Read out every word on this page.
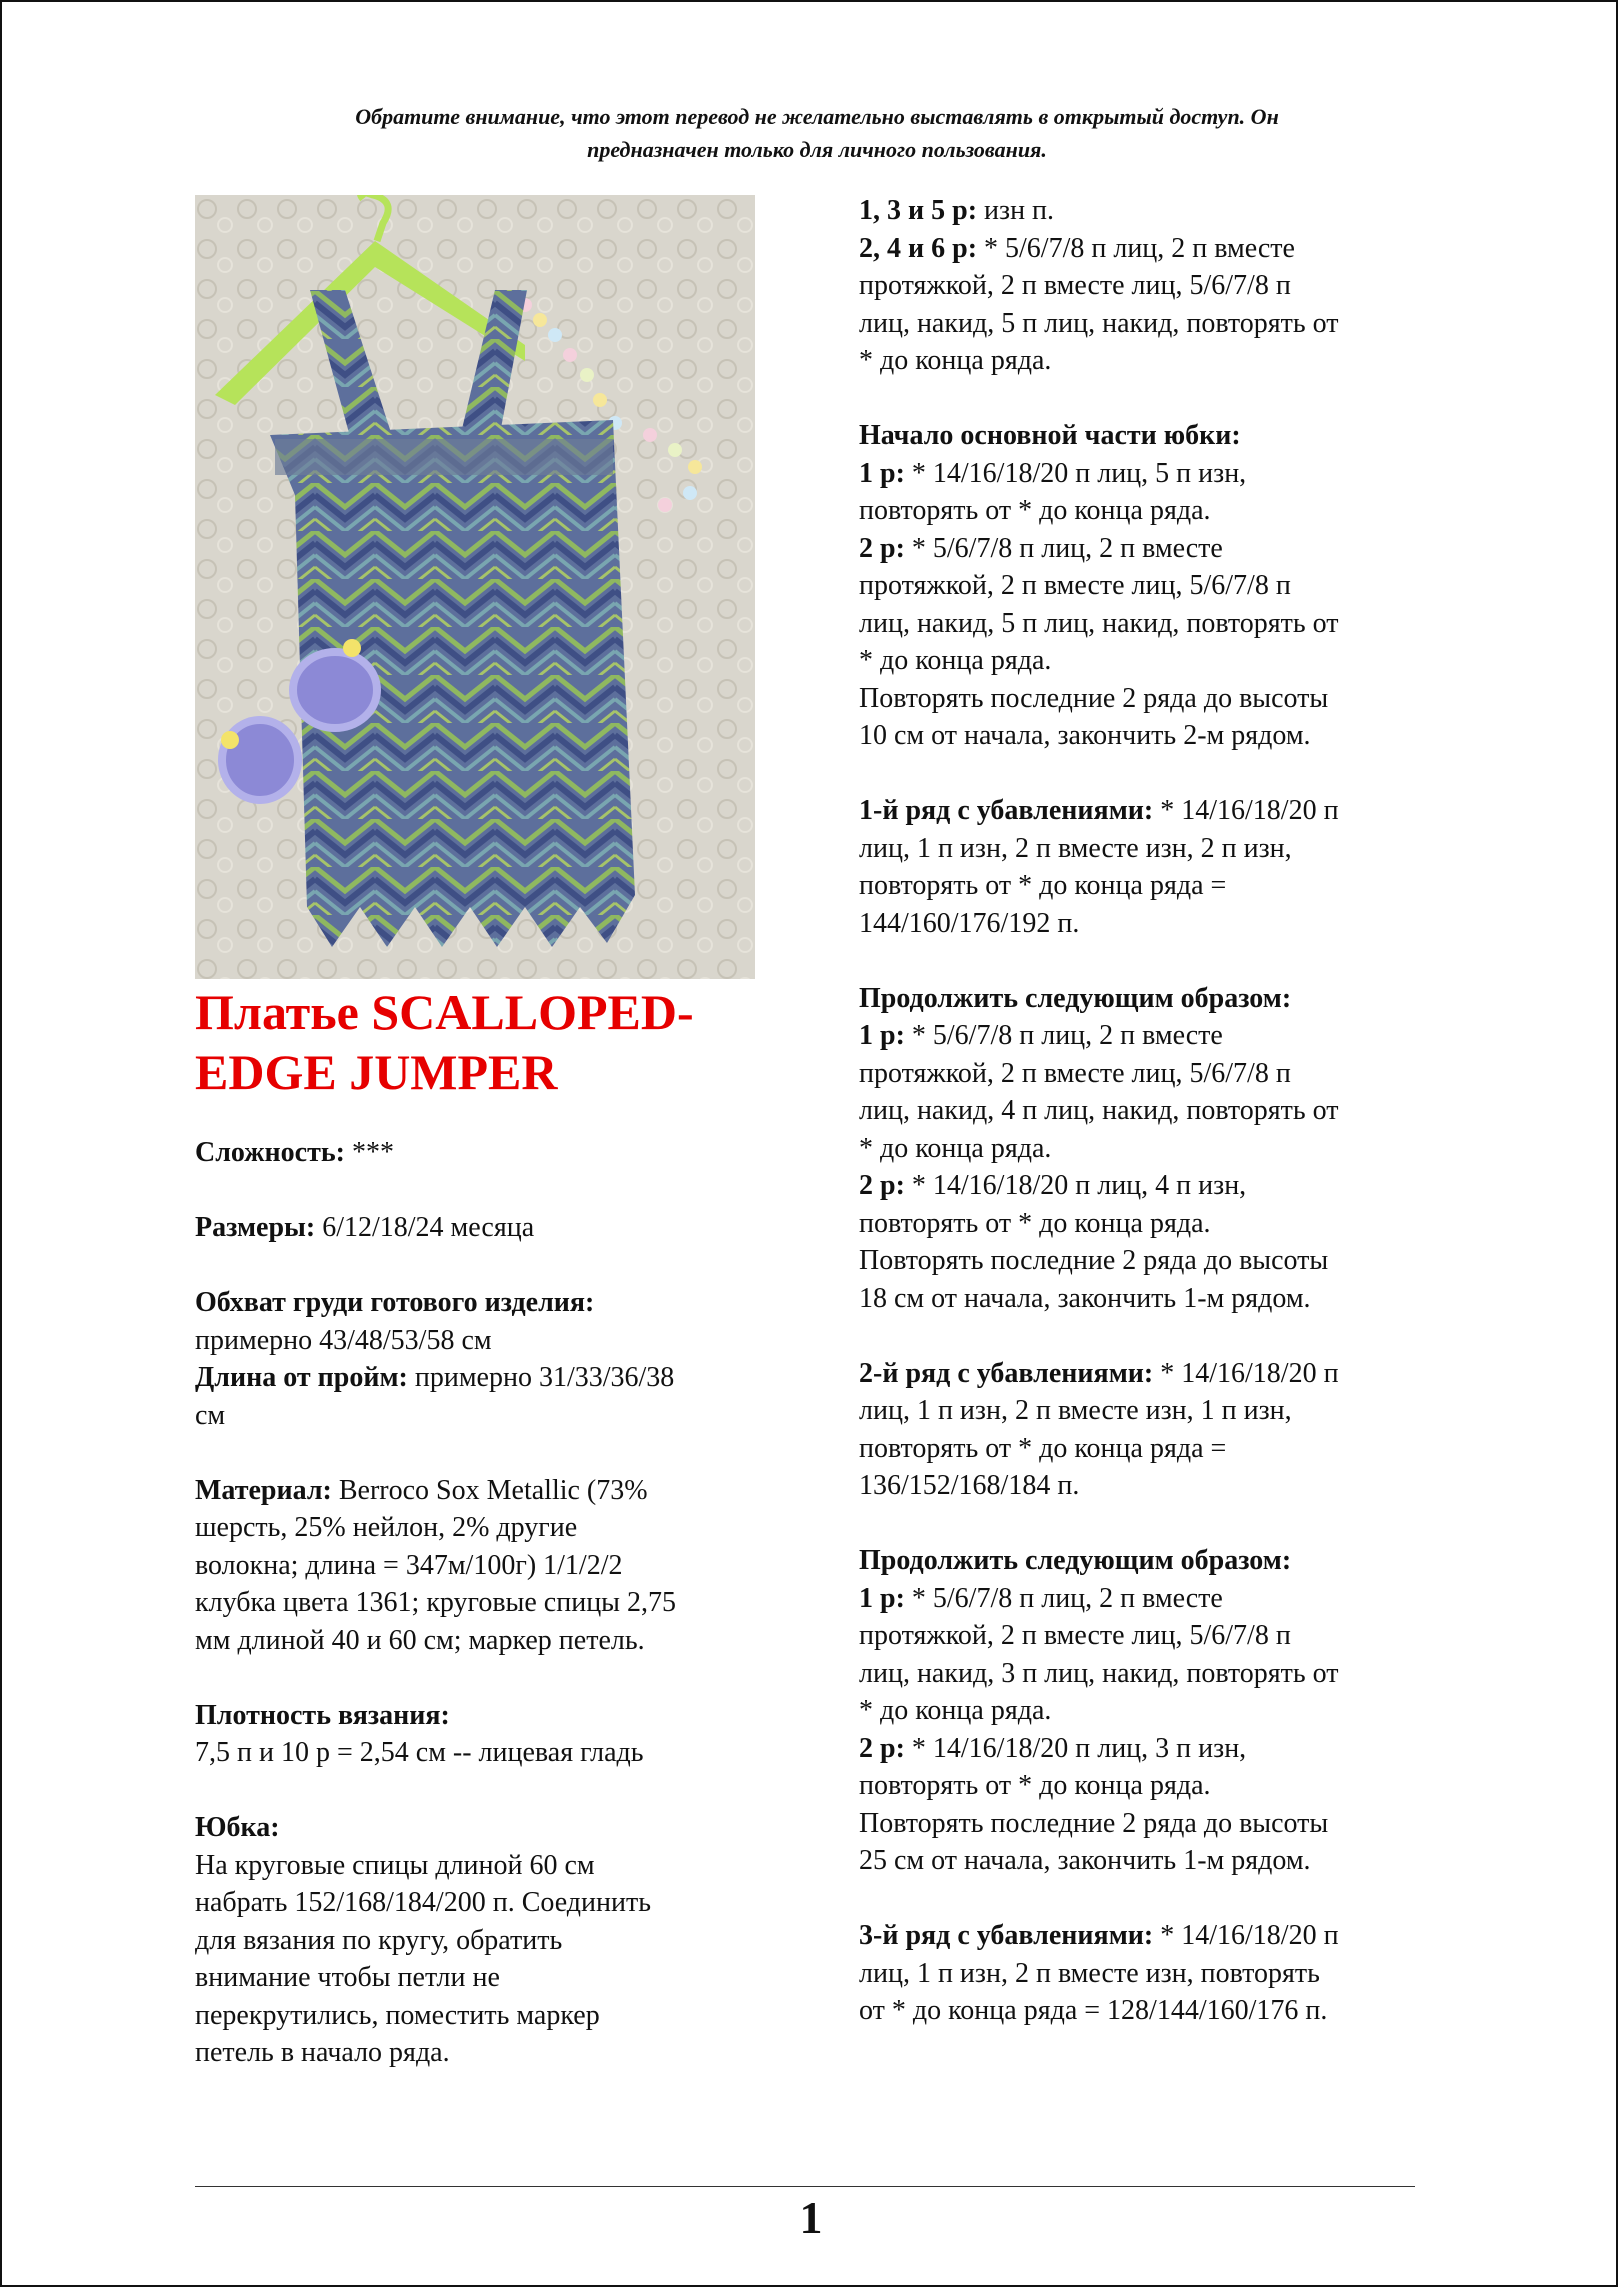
Обратите внимание, что этот перевод не желательно выставлять в открытый доступ. Он
предназначен только для личного пользования.
Платье SCALLOPED-
EDGE JUMPER
Сложность: ***
Размеры: 6/12/18/24 месяца
Обхват груди готового изделия:
примерно 43/48/53/58 см
Длина от пройм: примерно 31/33/36/38
см
Материал: Berroco Sox Metallic (73%
шерсть, 25% нейлон, 2% другие
волокна; длина = 347м/100г) 1/1/2/2
клубка цвета 1361; круговые спицы 2,75
мм длиной 40 и 60 см; маркер петель.
Плотность вязания:
7,5 п и 10 р = 2,54 см -- лицевая гладь
Юбка:
На круговые спицы длиной 60 см
набрать 152/168/184/200 п. Соединить
для вязания по кругу, обратить
внимание чтобы петли не
перекрутились, поместить маркер
петель в начало ряда.
1, 3 и 5 р: изн п.
2, 4 и 6 р: * 5/6/7/8 п лиц, 2 п вместе
протяжкой, 2 п вместе лиц, 5/6/7/8 п
лиц, накид, 5 п лиц, накид, повторять от
* до конца ряда.
Начало основной части юбки:
1 р: * 14/16/18/20 п лиц, 5 п изн,
повторять от * до конца ряда.
2 р: * 5/6/7/8 п лиц, 2 п вместе
протяжкой, 2 п вместе лиц, 5/6/7/8 п
лиц, накид, 5 п лиц, накид, повторять от
* до конца ряда.
Повторять последние 2 ряда до высоты
10 см от начала, закончить 2-м рядом.
1-й ряд с убавлениями: * 14/16/18/20 п
лиц, 1 п изн, 2 п вместе изн, 2 п изн,
повторять от * до конца ряда =
144/160/176/192 п.
Продолжить следующим образом:
1 р: * 5/6/7/8 п лиц, 2 п вместе
протяжкой, 2 п вместе лиц, 5/6/7/8 п
лиц, накид, 4 п лиц, накид, повторять от
* до конца ряда.
2 р: * 14/16/18/20 п лиц, 4 п изн,
повторять от * до конца ряда.
Повторять последние 2 ряда до высоты
18 см от начала, закончить 1-м рядом.
2-й ряд с убавлениями: * 14/16/18/20 п
лиц, 1 п изн, 2 п вместе изн, 1 п изн,
повторять от * до конца ряда =
136/152/168/184 п.
Продолжить следующим образом:
1 р: * 5/6/7/8 п лиц, 2 п вместе
протяжкой, 2 п вместе лиц, 5/6/7/8 п
лиц, накид, 3 п лиц, накид, повторять от
* до конца ряда.
2 р: * 14/16/18/20 п лиц, 3 п изн,
повторять от * до конца ряда.
Повторять последние 2 ряда до высоты
25 см от начала, закончить 1-м рядом.
3-й ряд с убавлениями: * 14/16/18/20 п
лиц, 1 п изн, 2 п вместе изн, повторять
от * до конца ряда = 128/144/160/176 п.
1
